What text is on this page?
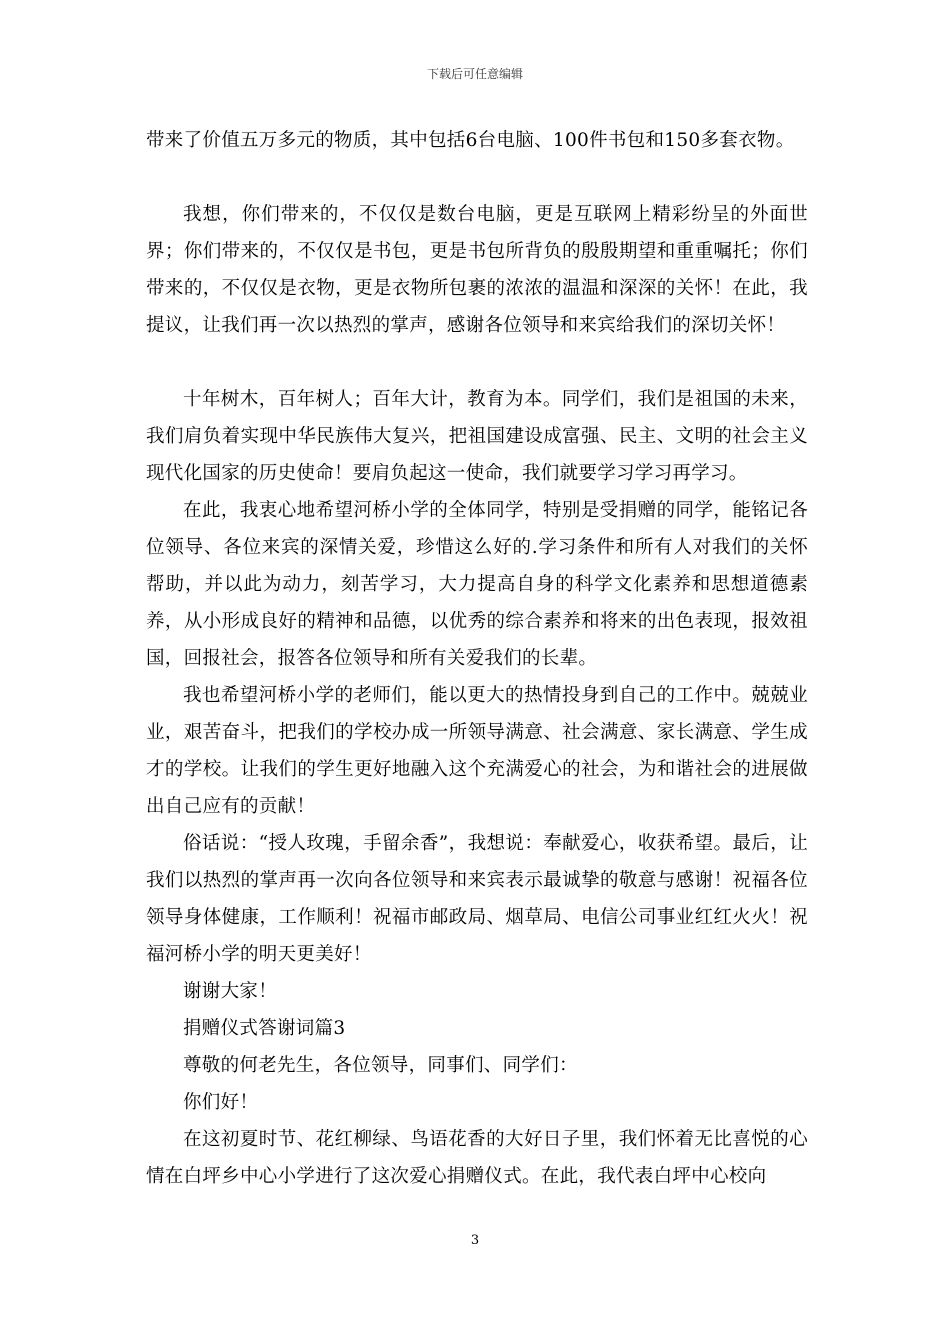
下载后可任意编辑

带来了价值五万多元的物质，其中包括6台电脑、100件书包和150多套衣物。

我想，你们带来的，不仅仅是数台电脑，更是互联网上精彩纷呈的外面世界；你们带来的，不仅仅是书包，更是书包所背负的殷殷期望和重重嘱托；你们带来的，不仅仅是衣物，更是衣物所包裹的浓浓的温温和深深的关怀！在此，我提议，让我们再一次以热烈的掌声，感谢各位领导和来宾给我们的深切关怀！

十年树木，百年树人；百年大计，教育为本。同学们，我们是祖国的未来，我们肩负着实现中华民族伟大复兴，把祖国建设成富强、民主、文明的社会主义现代化国家的历史使命！要肩负起这一使命，我们就要学习学习再学习。

在此，我衷心地希望河桥小学的全体同学，特别是受捐赠的同学，能铭记各位领导、各位来宾的深情关爱，珍惜这么好的.学习条件和所有人对我们的关怀帮助，并以此为动力，刻苦学习，大力提高自身的科学文化素养和思想道德素养，从小形成良好的精神和品德，以优秀的综合素养和将来的出色表现，报效祖国，回报社会，报答各位领导和所有关爱我们的长辈。

我也希望河桥小学的老师们，能以更大的热情投身到自己的工作中。兢兢业业，艰苦奋斗，把我们的学校办成一所领导满意、社会满意、家长满意、学生成才的学校。让我们的学生更好地融入这个充满爱心的社会，为和谐社会的进展做出自己应有的贡献！

俗话说：“授人玫瑰，手留余香”，我想说：奉献爱心，收获希望。最后，让我们以热烈的掌声再一次向各位领导和来宾表示最诚挚的敬意与感谢！祝福各位领导身体健康，工作顺利！祝福市邮政局、烟草局、电信公司事业红红火火！祝福河桥小学的明天更美好！

谢谢大家！

捐赠仪式答谢词篇3

尊敬的何老先生，各位领导，同事们、同学们：

你们好！

在这初夏时节、花红柳绿、鸟语花香的大好日子里，我们怀着无比喜悦的心情在白坪乡中心小学进行了这次爱心捐赠仪式。在此，我代表白坪中心校向

3
